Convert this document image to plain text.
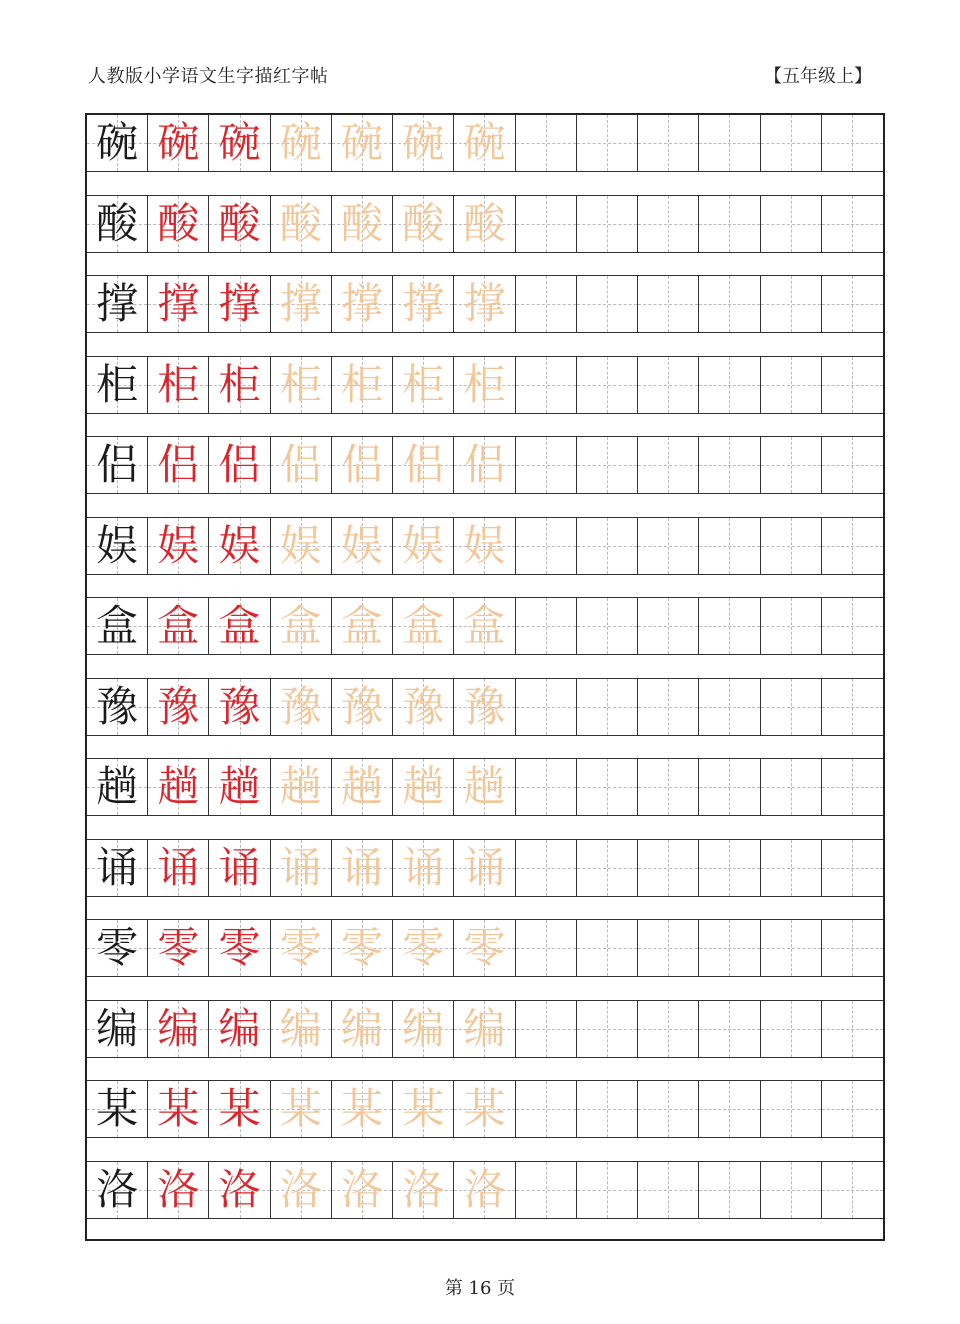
人教版小学语文生字描红字帖	【五年级上】
碗 碗 碗 碗 碗 碗 碗
酸 酸 酸 酸 酸 酸 酸
撑 撑 撑 撑 撑 撑 撑
柜 柜 柜 柜 柜 柜 柜
侣 侣 侣 侣 侣 侣 侣
娱 娱 娱 娱 娱 娱 娱
盒 盒 盒 盒 盒 盒 盒
豫 豫 豫 豫 豫 豫 豫
趟 趟 趟 趟 趟 趟 趟
诵 诵 诵 诵 诵 诵 诵
零 零 零 零 零 零 零
编 编 编 编 编 编 编
某 某 某 某 某 某 某
洛 洛 洛 洛 洛 洛 洛
第 16 页
